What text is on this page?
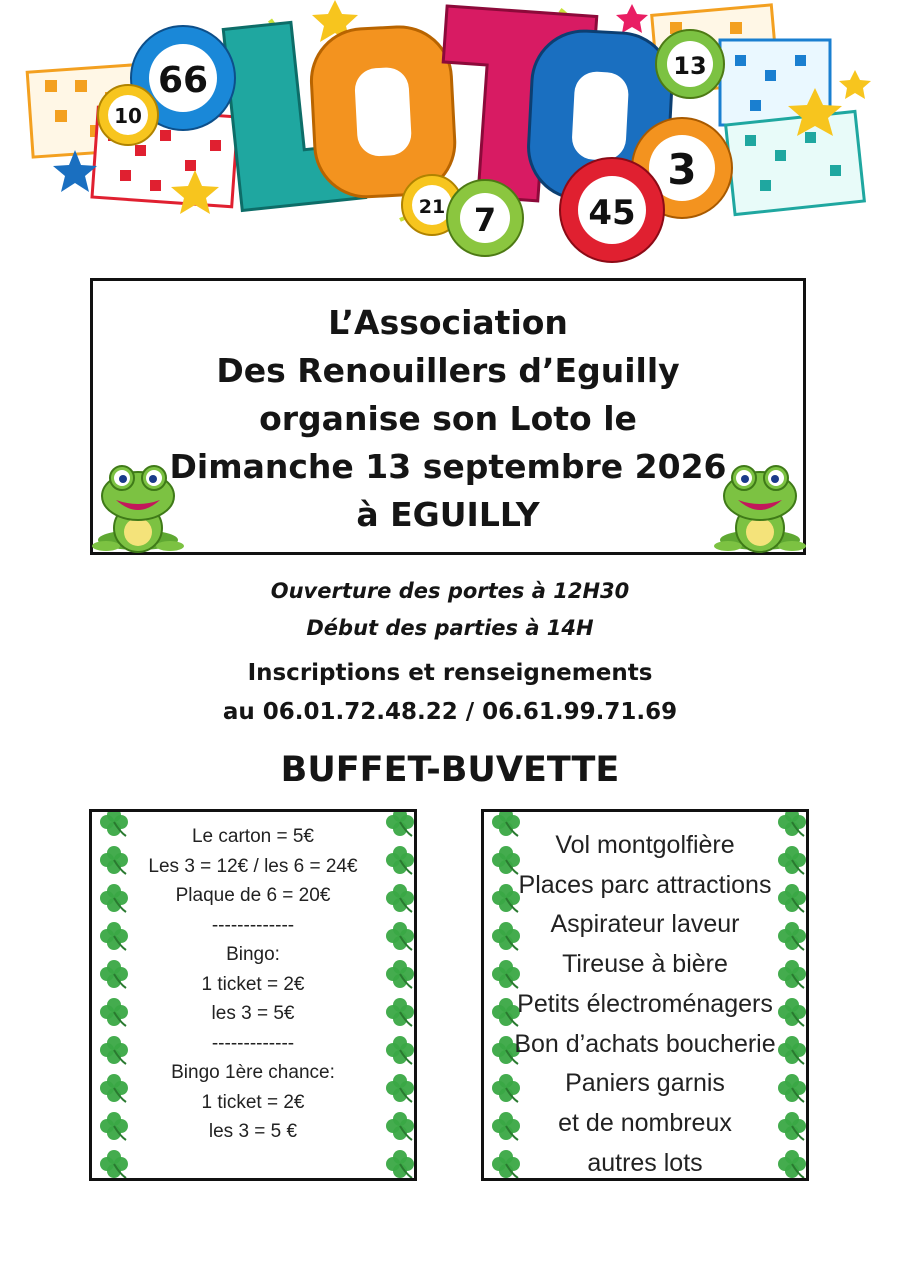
66
10
21 7
13
3
45
L’Association
Des Renouillers d’Eguilly
organise son Loto le
Dimanche 13 septembre 2026
à EGUILLY
Ouverture des portes à 12H30
Début des parties à 14H
Inscriptions et renseignements
au 06.01.72.48.22 / 06.61.99.71.69
BUFFET-BUVETTE
Le carton = 5€
Les 3 = 12€ / les 6 = 24€
Plaque de 6 = 20€
-------------
Bingo:
1 ticket = 2€
les 3 = 5€
-------------
Bingo 1ère chance:
1 ticket = 2€
les 3 = 5 €
Vol montgolfière
Places parc attractions
Aspirateur laveur
Tireuse à bière
Petits électroménagers
Bon d’achats boucherie
Paniers garnis
et de nombreux
autres lots
